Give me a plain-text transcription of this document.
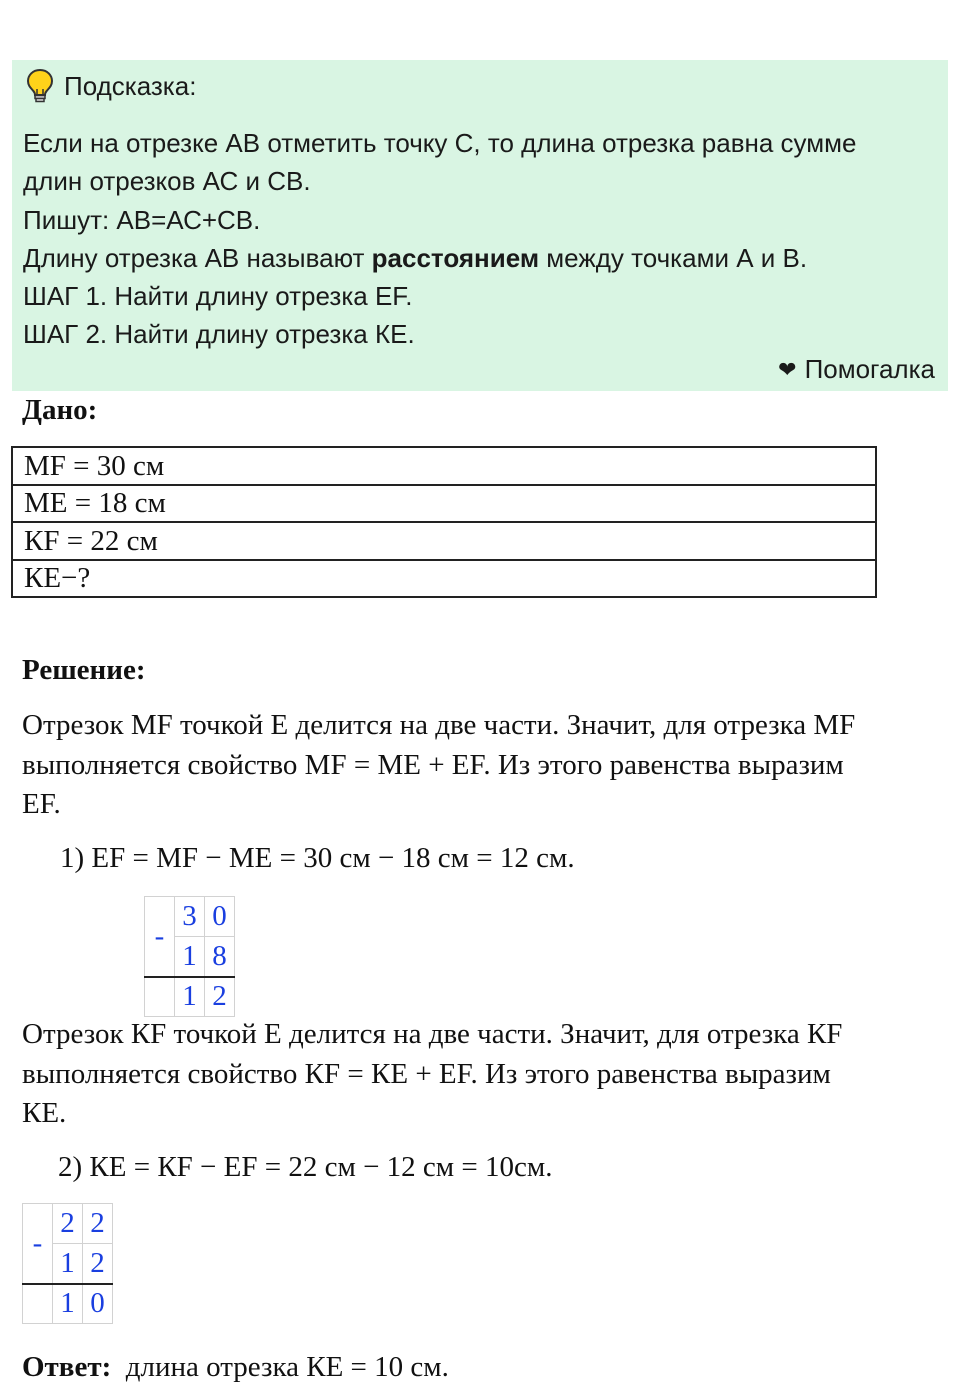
Подсказка:

Если на отрезке АВ отметить точку С, то длина отрезка равна сумме

длин отрезков АС и СВ.

Пишут: АВ=АС+СВ.

Длину отрезка АВ называют расстоянием между точками А и В.

ШАГ 1. Найти длину отрезка EF.

ШАГ 2. Найти длину отрезка КЕ.

❤ Помогалка
Дано:
МF = 30 см
МЕ = 18 см
КF = 22 см
КЕ−?
Решение:
Отрезок МF точкой Е делится на две части. Значит, для отрезка МF
выполняется свойство МF = МЕ + ЕF. Из этого равенства выразим
ЕF.
1) ЕF = МF − МЕ = 30 см − 18 см = 12 см.
-	3	0
	1	8
	1	2
Отрезок КF точкой Е делится на две части. Значит, для отрезка КF
выполняется свойство КF = КЕ + ЕF. Из этого равенства выразим
КЕ.
2) КЕ = КF − ЕF = 22 см − 12 см = 10см.
-	2	2
	1	2
	1	0
Ответ:  длина отрезка КЕ = 10 см.
